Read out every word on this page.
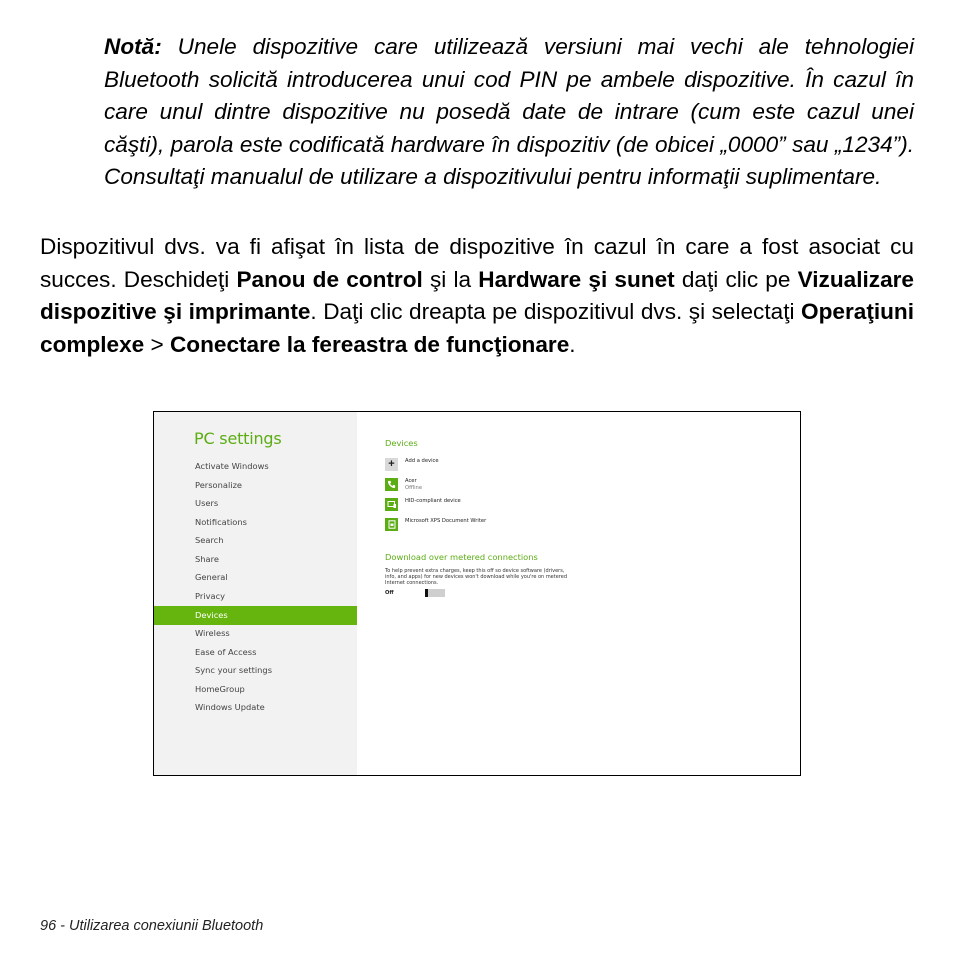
Notă: Unele dispozitive care utilizează versiuni mai vechi ale tehnologiei Bluetooth solicită introducerea unui cod PIN pe ambele dispozitive. În cazul în care unul dintre dispozitive nu posedă date de intrare (cum este cazul unei căşti), parola este codificată hardware în dispozitiv (de obicei „0000” sau „1234”). Consultaţi manualul de utilizare a dispozitivului pentru informaţii suplimentare.
Dispozitivul dvs. va fi afişat în lista de dispozitive în cazul în care a fost asociat cu succes. Deschideţi Panou de control şi la Hardware şi sunet daţi clic pe Vizualizare dispozitive şi imprimante. Daţi clic dreapta pe dispozitivul dvs. şi selectaţi Operaţiuni complexe > Conectare la fereastra de funcţionare.
PC settings
Activate Windows
Personalize
Users
Notifications
Search
Share
General
Privacy
Devices
Wireless
Ease of Access
Sync your settings
HomeGroup
Windows Update
Devices
+	Add a device
Acer
Offline
HID-compliant device
Microsoft XPS Document Writer
Download over metered connections
To help prevent extra charges, keep this off so device software (drivers, info, and apps) for new devices won't download while you're on metered Internet connections.
Off
96 - Utilizarea conexiunii Bluetooth
